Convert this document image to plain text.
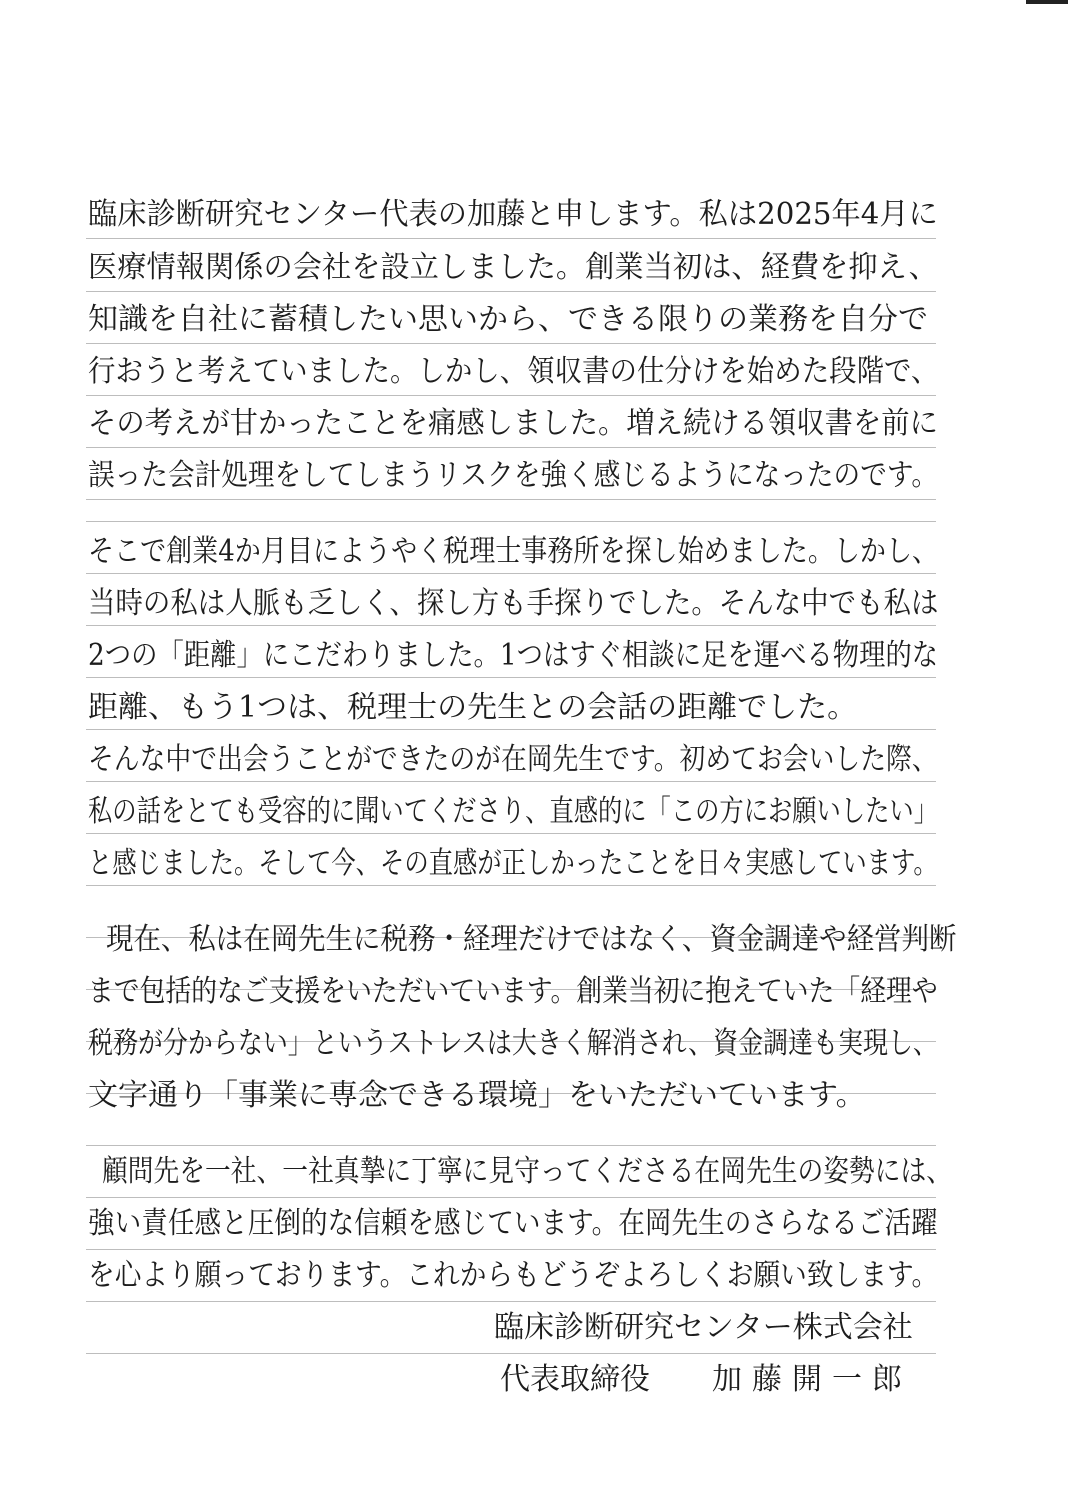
臨床診断研究センター代表の加藤と申します。私は2025年4月に
医療情報関係の会社を設立しました。創業当初は、経費を抑え、
知識を自社に蓄積したい思いから、できる限りの業務を自分で
行おうと考えていました。しかし、領収書の仕分けを始めた段階で、
その考えが甘かったことを痛感しました。増え続ける領収書を前に
誤った会計処理をしてしまうリスクを強く感じるようになったのです。
そこで創業4か月目にようやく税理士事務所を探し始めました。しかし、
当時の私は人脈も乏しく、探し方も手探りでした。そんな中でも私は
2つの「距離」にこだわりました。1つはすぐ相談に足を運べる物理的な
距離、もう1つは、税理士の先生との会話の距離でした。
そんな中で出会うことができたのが在岡先生です。初めてお会いした際、
私の話をとても受容的に聞いてくださり、直感的に「この方にお願いしたい」
と感じました。そして今、その直感が正しかったことを日々実感しています。
現在、私は在岡先生に税務・経理だけではなく、資金調達や経営判断
まで包括的なご支援をいただいています。創業当初に抱えていた「経理や
税務が分からない」というストレスは大きく解消され、資金調達も実現し、
文字通り「事業に専念できる環境」をいただいています。
顧問先を一社、一社真摯に丁寧に見守ってくださる在岡先生の姿勢には、
強い責任感と圧倒的な信頼を感じています。在岡先生のさらなるご活躍
を心より願っております。これからもどうぞよろしくお願い致します。
臨床診断研究センター株式会社
代表取締役 加藤開一郎
